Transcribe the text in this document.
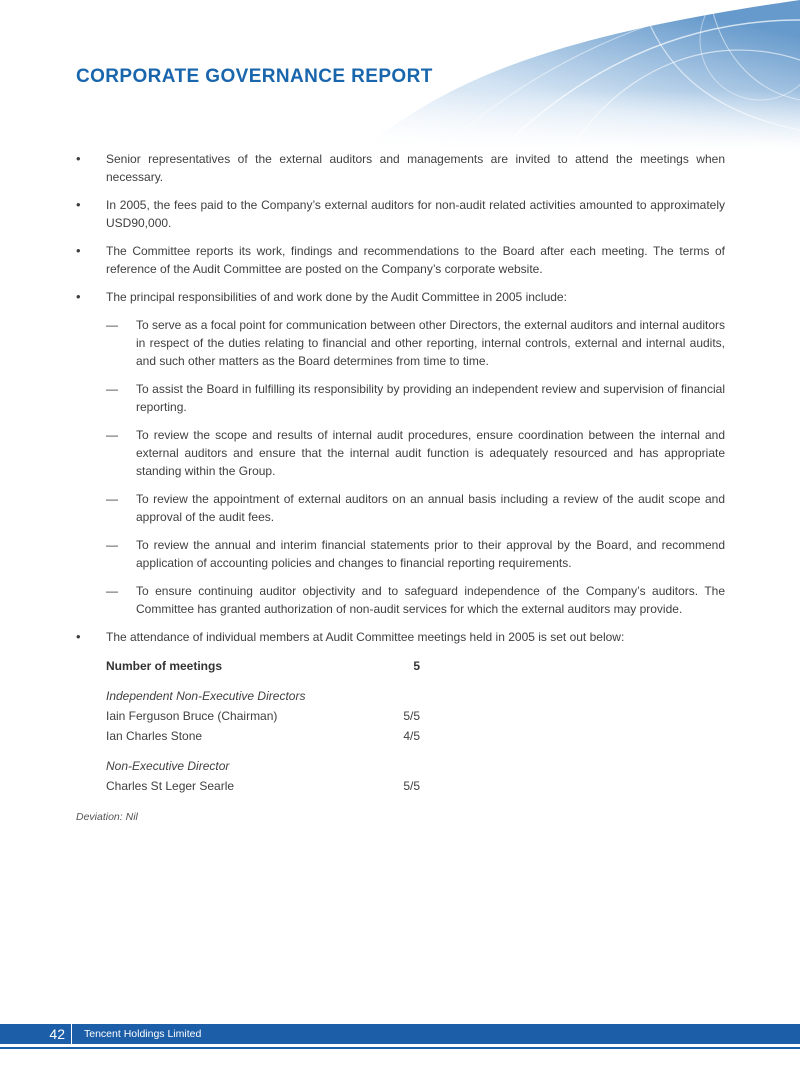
CORPORATE GOVERNANCE REPORT
• Senior representatives of the external auditors and managements are invited to attend the meetings when necessary.
• In 2005, the fees paid to the Company’s external auditors for non-audit related activities amounted to approximately USD90,000.
• The Committee reports its work, findings and recommendations to the Board after each meeting. The terms of reference of the Audit Committee are posted on the Company’s corporate website.
• The principal responsibilities of and work done by the Audit Committee in 2005 include:
— To serve as a focal point for communication between other Directors, the external auditors and internal auditors in respect of the duties relating to financial and other reporting, internal controls, external and internal audits, and such other matters as the Board determines from time to time.
— To assist the Board in fulfilling its responsibility by providing an independent review and supervision of financial reporting.
— To review the scope and results of internal audit procedures, ensure coordination between the internal and external auditors and ensure that the internal audit function is adequately resourced and has appropriate standing within the Group.
— To review the appointment of external auditors on an annual basis including a review of the audit scope and approval of the audit fees.
— To review the annual and interim financial statements prior to their approval by the Board, and recommend application of accounting policies and changes to financial reporting requirements.
— To ensure continuing auditor objectivity and to safeguard independence of the Company’s auditors. The Committee has granted authorization of non-audit services for which the external auditors may provide.
• The attendance of individual members at Audit Committee meetings held in 2005 is set out below:
Number of meetings	5
Independent Non-Executive Directors
Iain Ferguson Bruce (Chairman)	5/5
Ian Charles Stone	4/5
Non-Executive Director
Charles St Leger Searle	5/5
Deviation: Nil
42	Tencent Holdings Limited
